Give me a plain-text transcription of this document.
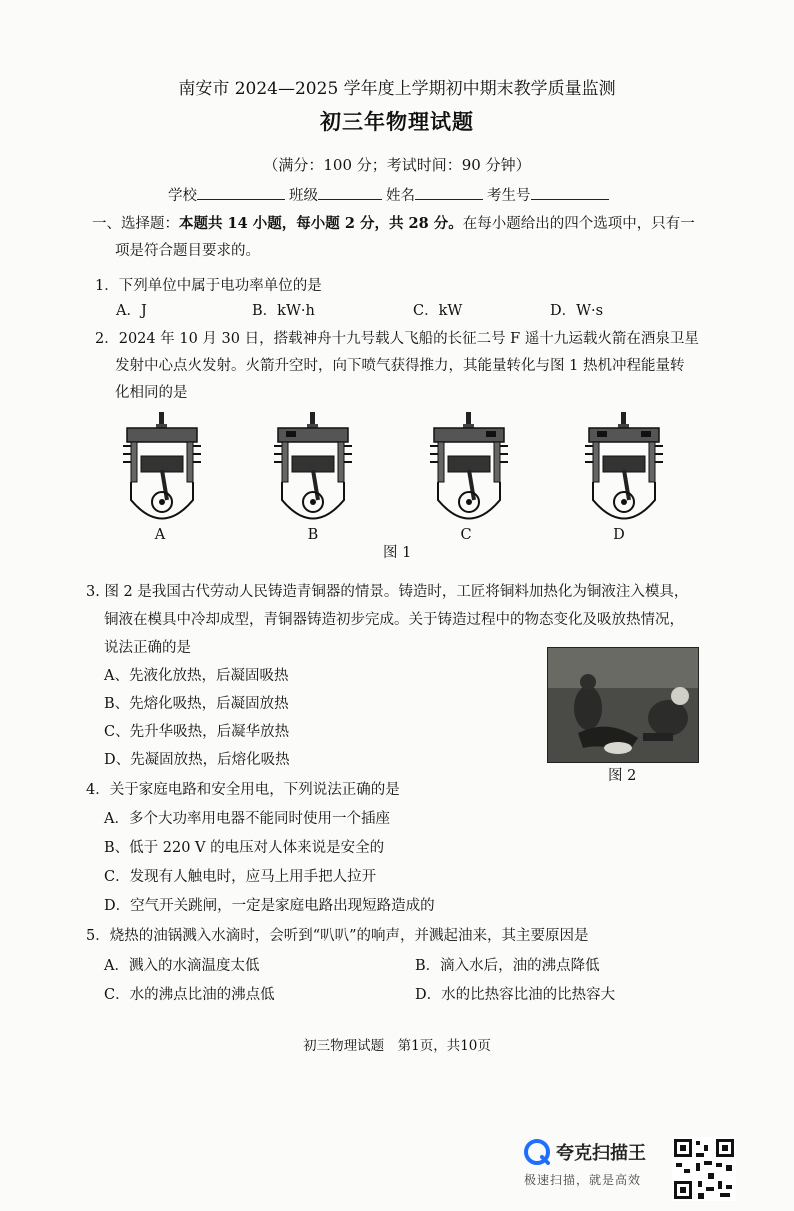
南安市 2024—2025 学年度上学期初中期末教学质量监测
初三年物理试题
（满分：100 分；考试时间：90 分钟）
学校	班级	姓名	考生号
一、选择题：本题共 14 小题，每小题 2 分，共 28 分。在每小题给出的四个选项中，只有一
项是符合题目要求的。
1．下列单位中属于电功率单位的是
A．J	B．kW·h	C．kW	D．W·s
2．2024 年 10 月 30 日，搭载神舟十九号载人飞船的长征二号 F 遥十九运载火箭在酒泉卫星
发射中心点火发射。火箭升空时，向下喷气获得推力，其能量转化与图 1 热机冲程能量转
化相同的是
A	B	C	D
图 1
3. 图 2 是我国古代劳动人民铸造青铜器的情景。铸造时，工匠将铜料加热化为铜液注入模具，
铜液在模具中冷却成型，青铜器铸造初步完成。关于铸造过程中的物态变化及吸放热情况，
说法正确的是
A、先液化放热，后凝固吸热
B、先熔化吸热，后凝固放热
C、先升华吸热，后凝华放热
D、先凝固放热，后熔化吸热
图 2
4．关于家庭电路和安全用电，下列说法正确的是
A．多个大功率用电器不能同时使用一个插座
B、低于 220 V 的电压对人体来说是安全的
C．发现有人触电时，应马上用手把人拉开
D．空气开关跳闸，一定是家庭电路出现短路造成的
5．烧热的油锅溅入水滴时，会听到“叭叭”的响声，并溅起油来，其主要原因是
A．溅入的水滴温度太低	B．滴入水后，油的沸点降低
C．水的沸点比油的沸点低	D．水的比热容比油的比热容大
初三物理试题　第1页，共10页
夸克扫描王
极速扫描，就是高效
